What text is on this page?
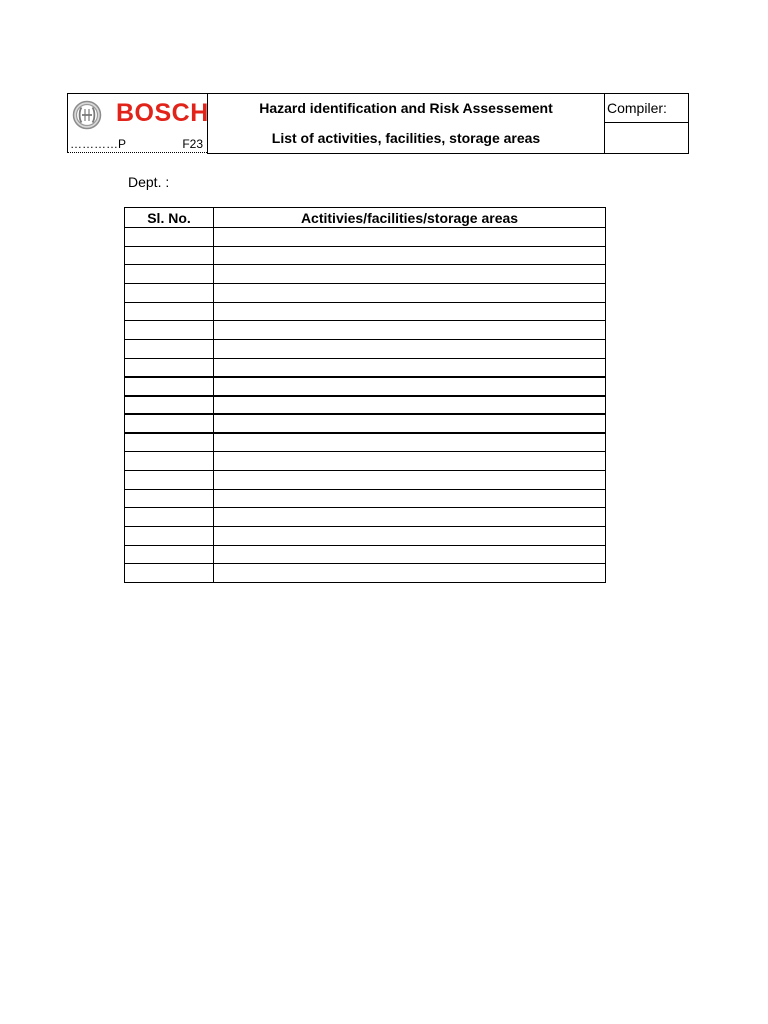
BOSCH
…………P	F23
Hazard identification and Risk Assessement
List of activities, facilities, storage areas
Compiler:
Dept. :
Sl. No.	Actitivies/facilities/storage areas
